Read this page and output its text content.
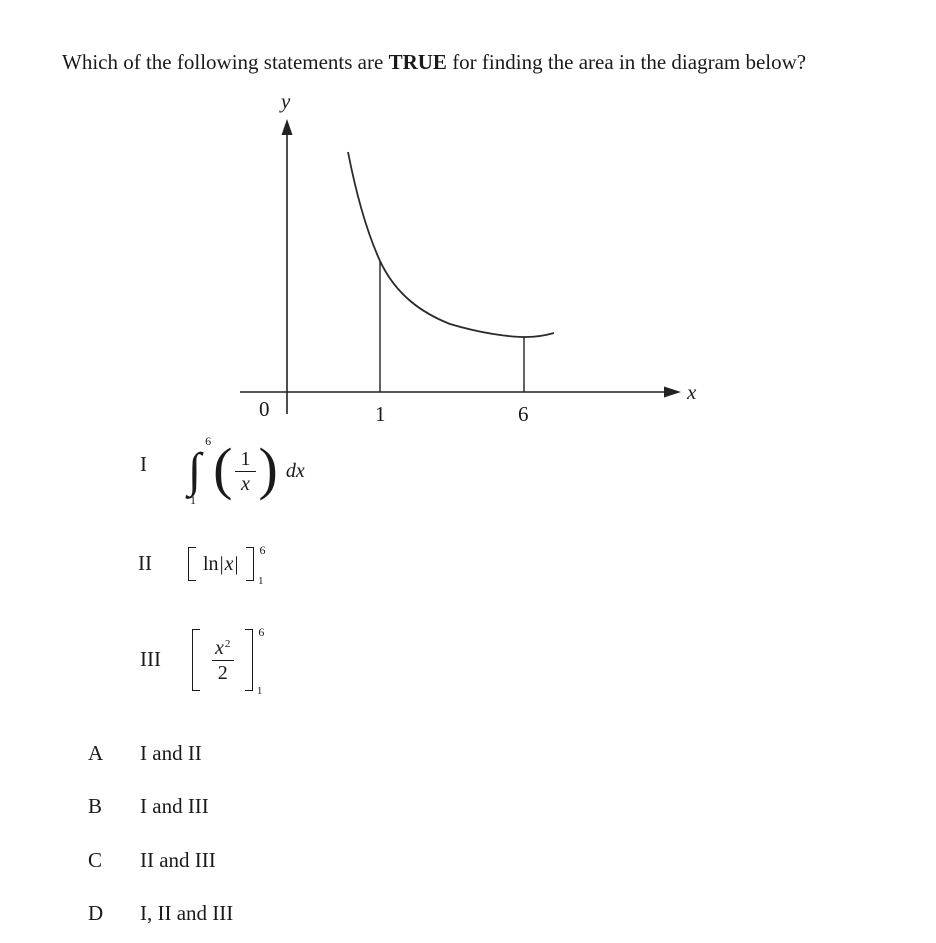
Which of the following statements are TRUE for finding the area in the diagram below?
y
x
0	1	6
I ∫
6
1 ( $\frac{1}{x}$ ) dx
II	ln | x |
6
1
III $\frac{x^2}{2}$
6
1
A	I and II
B	I and III
C	II and III
D	I, II and III
